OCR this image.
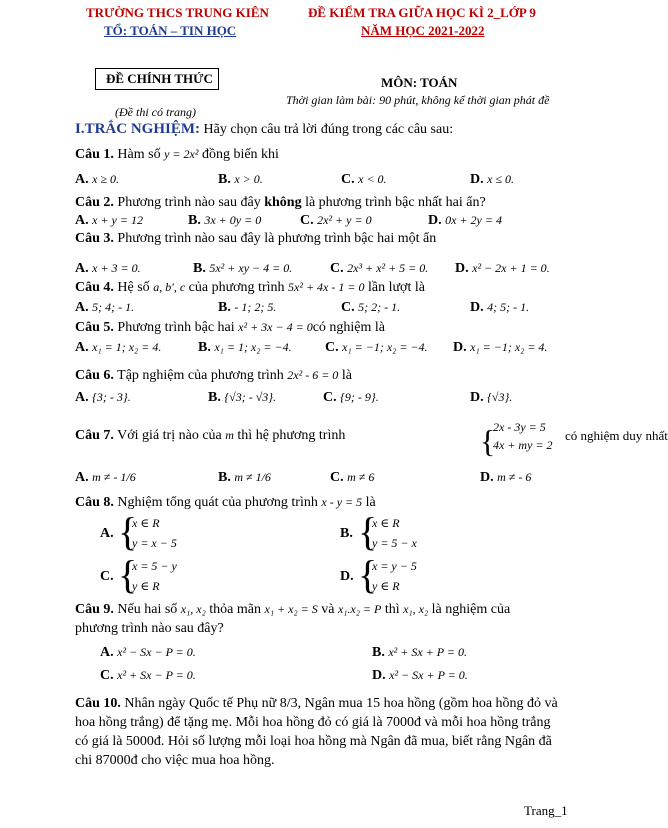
TRƯỜNG THCS TRUNG KIÊN
TỔ: TOÁN – TIN HỌC
ĐỀ KIỂM TRA GIỮA HỌC KÌ 2_LỚP 9
NĂM HỌC 2021-2022
ĐỀ CHÍNH THỨC	MÔN: TOÁN
Thời gian làm bài: 90 phút, không kể thời gian phát đề
(Đề thi có trang)
I.TRẮC NGHIỆM: Hãy chọn câu trả lời đúng trong các câu sau:
Câu 1. Hàm số y = 2x² đồng biến khi
A. x ≥ 0.	B. x > 0.	C. x < 0.	D. x ≤ 0.
Câu 2. Phương trình nào sau đây không là phương trình bậc nhất hai ẩn?
A. x + y = 12	B. 3x + 0y = 0	C. 2x² + y = 0	D. 0x + 2y = 4
Câu 3. Phương trình nào sau đây là phương trình bậc hai một ẩn
A. x + 3 = 0.	B. 5x² + xy − 4 = 0.	C. 2x³ + x² + 5 = 0. D. x² − 2x + 1 = 0.
Câu 4. Hệ số a, b′, c của phương trình 5x² + 4x - 1 = 0 lần lượt là
A. 5; 4; - 1.	B. - 1; 2; 5.	C. 5; 2; - 1.	D. 4; 5; - 1.
Câu 5. Phương trình bậc hai x² + 3x − 4 = 0có nghiệm là
A. x₁ = 1; x₂ = 4.	B. x₁ = 1; x₂ = −4. C. x₁ = −1; x₂ = −4. D. x₁ = −1; x₂ = 4.
Câu 6. Tập nghiệm của phương trình 2x² - 6 = 0 là
A. {3; - 3}.	B. {√3; - √3}.	C. {9; - 9}.	D. {√3}.
Câu 7. Với giá trị nào của m thì hệ phương trình	{
2x - 3y = 5
4x + my = 2
có nghiệm duy nhất
A. m ≠ - 1/6	B. m ≠ 1/6	C. m ≠ 6	D. m ≠ - 6
Câu 8. Nghiệm tổng quát của phương trình x - y = 5 là
A. {
x ∈ R
y = x − 5
B. {
x ∈ R
y = 5 − x
C. {
x = 5 − y
y ∈ R
D. {
x = y − 5
y ∈ R
Câu 9. Nếu hai số x₁, x₂ thỏa mãn x₁ + x₂ = S và x₁.x₂ = P thì x₁, x₂ là nghiệm của
phương trình nào sau đây?
A. x² − Sx − P = 0.	B. x² + Sx + P = 0.
C. x² + Sx − P = 0.	D. x² − Sx + P = 0.
Câu 10. Nhân ngày Quốc tế Phụ nữ 8/3, Ngân mua 15 hoa hồng (gồm hoa hồng đỏ và hoa hồng trắng) để tặng mẹ. Mỗi hoa hồng đỏ có giá là 7000đ và mỗi hoa hồng trắng có giá là 5000đ. Hỏi số lượng mỗi loại hoa hồng mà Ngân đã mua, biết rằng Ngân đã chi 87000đ cho việc mua hoa hồng.
Trang_1
